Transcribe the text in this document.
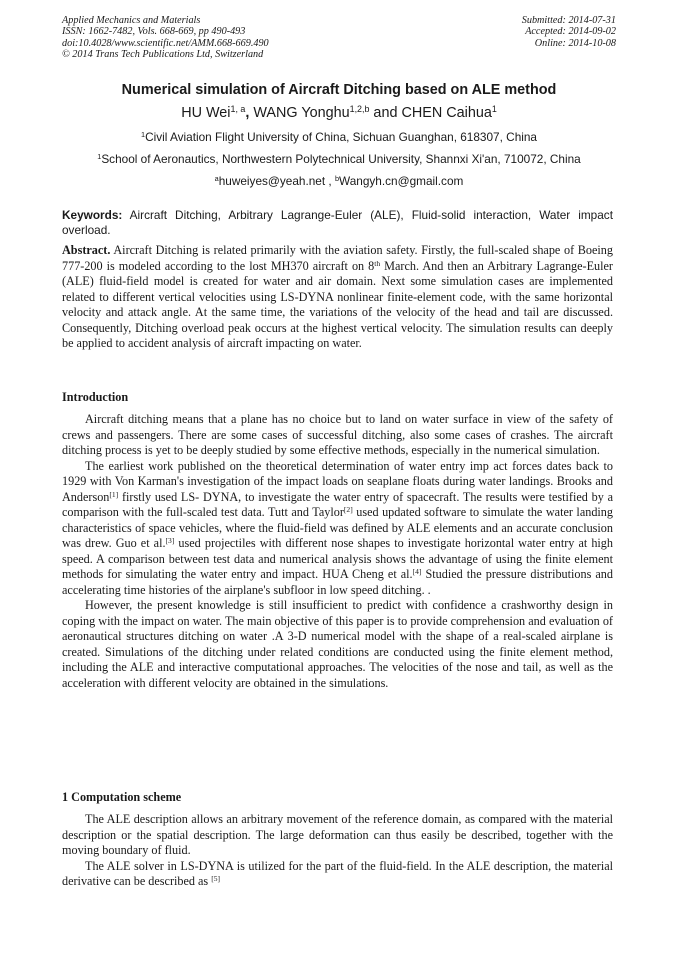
Applied Mechanics and Materials
ISSN: 1662-7482, Vols. 668-669, pp 490-493
doi:10.4028/www.scientific.net/AMM.668-669.490
© 2014 Trans Tech Publications Ltd, Switzerland
Submitted: 2014-07-31
Accepted: 2014-09-02
Online: 2014-10-08
Numerical simulation of Aircraft Ditching based on ALE method
HU Wei$^{1, a}$, WANG Yonghu$^{1,2,b}$ and CHEN Caihua$^1$
$^1$Civil Aviation Flight University of China, Sichuan Guanghan, 618307, China
$^1$School of Aeronautics, Northwestern Polytechnical University, Shannxi Xi'an, 710072, China
$^a$huweiyes@yeah.net , $^b$Wangyh.cn@gmail.com
Keywords: Aircraft Ditching, Arbitrary Lagrange-Euler (ALE), Fluid-solid interaction, Water impact overload.
Abstract. Aircraft Ditching is related primarily with the aviation safety. Firstly, the full-scaled shape of Boeing 777-200 is modeled according to the lost MH370 aircraft on 8th March. And then an Arbitrary Lagrange-Euler (ALE) fluid-field model is created for water and air domain. Next some simulation cases are implemented related to different vertical velocities using LS-DYNA nonlinear finite-element code, with the same horizontal velocity and attack angle. At the same time, the variations of the velocity of the head and tail are discussed. Consequently, Ditching overload peak occurs at the highest vertical velocity. The simulation results can deeply be applied to accident analysis of aircraft impacting on water.
Introduction

Aircraft ditching means that a plane has no choice but to land on water surface in view of the safety of crews and passengers. There are some cases of successful ditching, also some cases of crashes. The aircraft ditching process is yet to be deeply studied by some effective methods, especially in the numerical simulation.

The earliest work published on the theoretical determination of water entry imp act forces dates back to 1929 with Von Karman's investigation of the impact loads on seaplane floats during water landings. Brooks and Anderson[1] firstly used LS- DYNA, to investigate the water entry of spacecraft. The results were testified by a comparison with the full-scaled test data. Tutt and Taylor[2] used updated software to simulate the water landing characteristics of space vehicles, where the fluid-field was defined by ALE elements and an accurate conclusion was drew. Guo et al.[3] used projectiles with different nose shapes to investigate horizontal water entry at high speed. A comparison between test data and numerical analysis shows the advantage of using the finite element methods for simulating the water entry and impact. HUA Cheng et al.[4] Studied the pressure distributions and accelerating time histories of the airplane's subfloor in low speed ditching. .

However, the present knowledge is still insufficient to predict with confidence a crashworthy design in coping with the impact on water. The main objective of this paper is to provide comprehension and evaluation of aeronautical structures ditching on water .A 3-D numerical model with the shape of a real-scaled airplane is created. Simulations of the ditching under related conditions are conducted using the finite element method, including the ALE and interactive computational approaches. The velocities of the nose and tail, as well as the acceleration with different velocity are obtained in the simulations.

1 Computation scheme

The ALE description allows an arbitrary movement of the reference domain, as compared with the material description or the spatial description. The large deformation can thus easily be described, together with the moving boundary of fluid.

The ALE solver in LS-DYNA is utilized for the part of the fluid-field. In the ALE description, the material derivative can be described as [5]
